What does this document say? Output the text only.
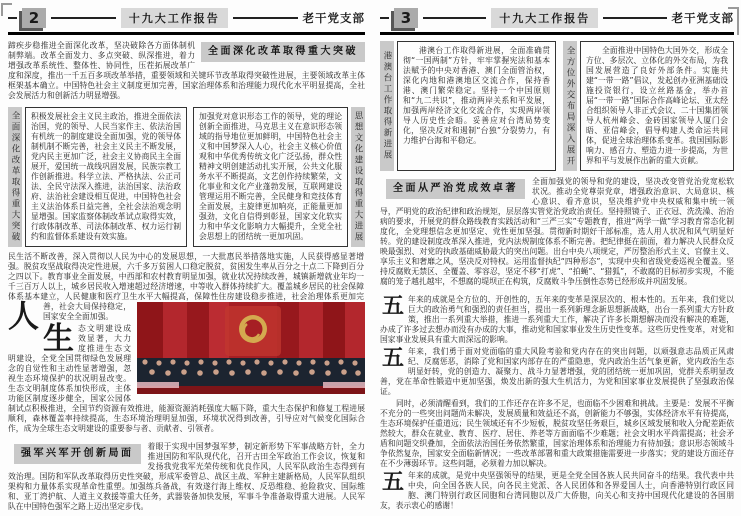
2	十九大工作报告	老干党支部
全面深化改革取得重大突破

蹄疾步稳推进全面深化改革，坚决破除各方面体制机制弊端。改革全面发力、多点突破、纵深推进，着力增强改革系统性、整体性、协同性，压茬拓展改革广度和深度，推出一千五百多项改革举措，重要领域和关键环节改革取得突破性进展，主要领域改革主体框架基本确立。中国特色社会主义制度更加完善，国家治理体系和治理能力现代化水平明显提高，全社会发展活力和创新活力明显增强。

全面深化改革取得重大突破	积极发展社会主义民主政治，推进全面依法治国，党的领导、人民当家作主、依法治国有机统一的制度建设全面加强，党的领导体制机制不断完善，社会主义民主不断发展，党内民主更加广泛，社会主义协商民主全面展开，爱国统一战线巩固发展，民族宗教工作创新推进。科学立法、严格执法、公正司法、全民守法深入推进，法治国家、法治政府、法治社会建设相互促进，中国特色社会主义法治体系日益完善，全社会法治观念明显增强。国家监察体制改革试点取得实效，行政体制改革、司法体制改革、权力运行制约和监督体系建设有效实施。
加强党对意识形态工作的领导，党的理论创新全面推进，马克思主义在意识形态领域的指导地位更加鲜明，中国特色社会主义和中国梦深入人心，社会主义核心价值观和中华优秀传统文化广泛弘扬，群众性精神文明创建活动扎实开展，公共文化服务水平不断提高，文艺创作持续繁荣，文化事业和文化产业蓬勃发展，互联网建设管理运用不断完善，全民健身和竞技体育全面发展，主旋律更加响亮，正能量更加强劲，文化自信得到彰显，国家文化软实力和中华文化影响力大幅提升，全党全社会思想上的团结统一更加巩固。	思想文化建设取得重大进展

人
民生活不断改善，深入贯彻以人民为中心的发展思想，一大批惠民举措落地实施，人民获得感显著增强。脱贫攻坚战取得决定性进展，六千多万贫困人口稳定脱贫，贫困发生率从百分之十点二下降到百分之四以下。教育事业全面发展，中西部和农村教育明显加强，就业状况持续改善，城镇新增就业年均一千三百万人以上，城乡居民收入增速超过经济增速，中等收入群体持续扩大。覆盖城乡居民的社会保障体系基本建立，人民健康和医疗卫生水平大幅提高，保障性住房建设稳步推进，社会治理体系更加完善，社会大局保持稳定，国家安全全面加强。

生态文明建设成效显著，大力度推进生态文明建设，全党全国贯彻绿色发展理念的自觉性和主动性显著增强，忽视生态环境保护的状况明显改变。生态文明制度体系加快形成，主体功能区制度逐步健全，国家公园体制试点积极推进，全国节约资源有效推进，能源资源消耗强度大幅下降，重大生态保护和修复工程进展顺利，森林覆盖率持续提高，生态环境治理明显加强，环境状况得到改善，引导应对气候变化国际合作，成为全球生态文明建设的重要参与者、贡献者、引领者。

强军兴军开创新局面

着眼于实现中国梦强军梦，制定新形势下军事战略方针，全力推进国防和军队现代化，召开古田全军政治工作会议，恢复和发扬我党我军光荣传统和优良作风，人民军队政治生态得到有效治理。国防和军队改革取得历史性突破，形成军委管总、战区主战、军种主建新格局，人民军队组织架构和力量体系实现革命性重塑。加强练兵备战，有效遂行海上维权、反恐维稳、抢险救灾、国际维和、亚丁湾护航、人道主义救援等重大任务，武器装备加快发展，军事斗争准备取得重大进展。人民军队在中国特色强军之路上迈出坚定步伐。

3	十九大工作报告	老干党支部
港澳台工作取得新进展
港澳台工作取得新进展，全面准确贯彻“一国两制”方针，牢牢掌握宪法和基本法赋予的中央对香港、澳门全面管治权，深化内地和港澳地区交流合作，保持香港、澳门繁荣稳定。坚持一个中国原则和“九二共识”，推动两岸关系和平发展，加强两岸经济文化交流合作，实现两岸领导人历史性会晤。妥善应对台湾局势变化，坚决反对和遏制“台独”分裂势力，有力维护台海和平稳定。	全方位外交布局深入展开	全面推进中国特色大国外交，形成全方位、多层次、立体化的外交布局，为我国发展营造了良好外部条件。实施共建“一带一路”倡议，发起创办亚洲基础设施投资银行，设立丝路基金，举办首届“一带一路”国际合作高峰论坛、亚太经合组织领导人非正式会议、二十国集团领导人杭州峰会、金砖国家领导人厦门会晤、亚信峰会，倡导构建人类命运共同体，促进全球治理体系变革。我国国际影响力、感召力、塑造力进一步提高，为世界和平与发展作出新的重大贡献。
全面从严治党成效卓著

全面加强党的领导和党的建设，坚决改变管党治党宽松软状况。推动全党尊崇党章，增强政治意识、大局意识、核心意识、看齐意识，坚决维护党中央权威和集中统一领导，严明党的政治纪律和政治规矩，层层落实管党治党政治责任。坚持照镜子、正衣冠、洗洗澡、治治病的要求，开展党的群众路线教育实践活动和“三严三实”专题教育，推进“两学一做”学习教育常态化制度化，全党理想信念更加坚定、党性更加坚强。贯彻新时期好干部标准，选人用人状况和风气明显好转。党的建设制度改革深入推进，党内法规制度体系不断完善。把纪律挺在前面，着力解决人民群众反映最强烈、对党的执政基础威胁最大的突出问题。出台中央八项规定，严厉整治形式主义、官僚主义、享乐主义和奢靡之风，坚决反对特权。运用监督执纪“四种形态”，实现中央和省级党委巡视全覆盖。坚持反腐败无禁区、全覆盖、零容忍，坚定不移“打虎”、“拍蝇”、“猎狐”，不敢腐的目标初步实现，不能腐的笼子越扎越牢，不想腐的堤坝正在构筑，反腐败斗争压倒性态势已经形成并巩固发展。

五年来的成就是全方位的、开创性的，五年来的变革是深层次的、根本性的。五年来，我们党以巨大的政治勇气和强烈的责任担当，提出一系列新理念新思想新战略，出台一系列重大方针政策，推出一系列重大举措，推进一系列重大工作，解决了许多长期想解决而没有解决的难题，办成了许多过去想办而没有办成的大事，推动党和国家事业发生历史性变革。这些历史性变革，对党和国家事业发展具有重大而深远的影响。

五年来，我们勇于面对党面临的重大风险考验和党内存在的突出问题，以顽强意志品质正风肃纪、反腐惩恶，消除了党和国家内部存在的严重隐患，党内政治生活气象更新，党内政治生态明显好转，党的创造力、凝聚力、战斗力显著增强，党的团结统一更加巩固，党群关系明显改善，党在革命性锻造中更加坚强，焕发出新的强大生机活力，为党和国家事业发展提供了坚强政治保证。

同时，必须清醒看到，我们的工作还存在许多不足，也面临不少困难和挑战。主要是：发展不平衡不充分的一些突出问题尚未解决，发展质量和效益还不高，创新能力不够强，实体经济水平有待提高，生态环境保护任重道远；民生领域还有不少短板，脱贫攻坚任务艰巨，城乡区域发展和收入分配差距依然较大，群众在就业、教育、医疗、居住、养老等方面面临不少难题；社会文明水平尚需提高；社会矛盾和问题交织叠加，全面依法治国任务依然繁重，国家治理体系和治理能力有待加强；意识形态领域斗争依然复杂，国家安全面临新情况；一些改革部署和重大政策措施需要进一步落实；党的建设方面还存在不少薄弱环节。这些问题，必须着力加以解决。

五年来的成就，是党中央坚强领导的结果，更是全党全国各族人民共同奋斗的结果。我代表中共中央，向全国各族人民，向各民主党派、各人民团体和各界爱国人士，向香港特别行政区同胞、澳门特别行政区同胞和台湾同胞以及广大侨胞，向关心和支持中国现代化建设的各国朋友，表示衷心的感谢！
